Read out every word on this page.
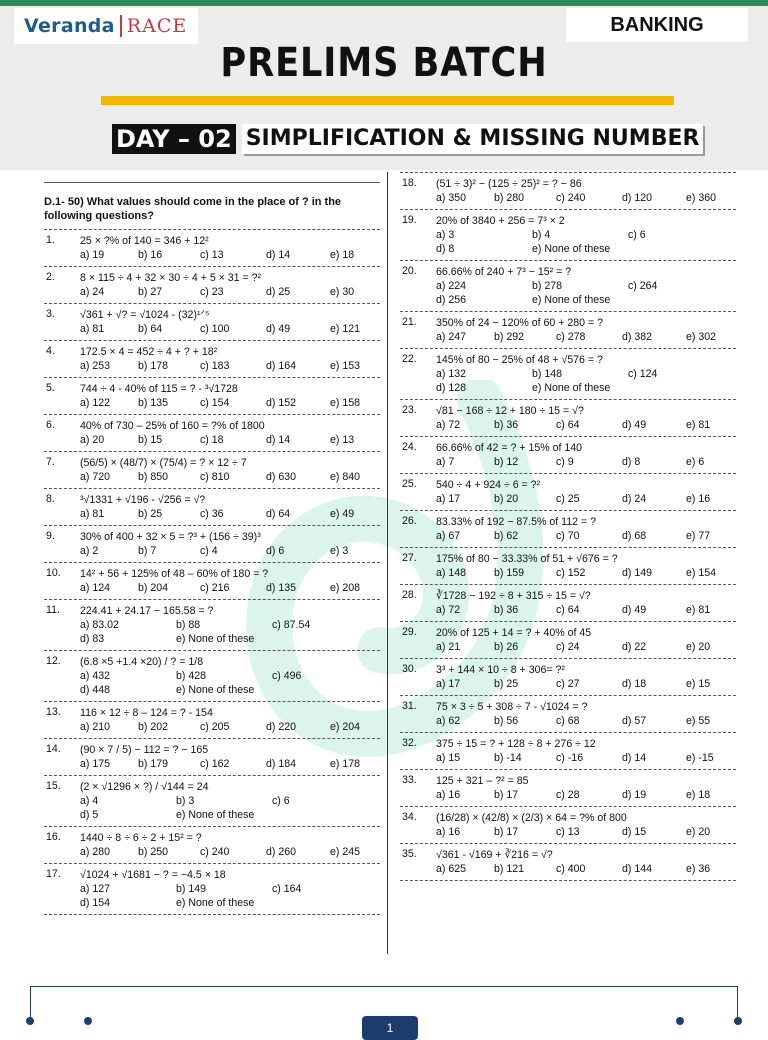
Veranda RACE	BANKING
PRELIMS BATCH
DAY – 02 SIMPLIFICATION & MISSING NUMBER
D.1- 50) What values should come in the place of ? in the following questions?
1. 25 × ?% of 140 = 346 + 12²
a) 19	b) 16	c) 13	d) 14	e) 18
2. 8 × 115 ÷ 4 + 32 × 30 ÷ 4 + 5 × 31 = ?²
a) 24	b) 27	c) 23	d) 25	e) 30
3. √361 + √? = √1024 - (32)¹ᐟ⁵
a) 81	b) 64	c) 100	d) 49	e) 121
4. 172.5 × 4 = 452 ÷ 4 + ? + 18²
a) 253	b) 178	c) 183	d) 164	e) 153
5. 744 ÷ 4 - 40% of 115 = ? - ³√1728
a) 122	b) 135	c) 154	d) 152	e) 158
6. 40% of 730 – 25% of 160 = ?% of 1800
a) 20	b) 15	c) 18	d) 14	e) 13
7. (56/5) × (48/7) × (75/4) = ? × 12 ÷ 7
a) 720	b) 850	c) 810	d) 630	e) 840
8. ³√1331 + √196 - √256 = √?
a) 81	b) 25	c) 36	d) 64	e) 49
9. 30% of 400 + 32 × 5 = ?³ + (156 ÷ 39)³
a) 2	b) 7	c) 4	d) 6	e) 3
10. 14² + 56 + 125% of 48 – 60% of 180 = ?
a) 124	b) 204	c) 216	d) 135	e) 208
11. 224.41 + 24.17 − 165.58 = ?
a) 83.02	b) 88	c) 87.54
d) 83	e) None of these
12. (6.8 ×5 +1.4 ×20) / ? = 1/8
a) 432	b) 428	c) 496
d) 448	e) None of these
13. 116 × 12 ÷ 8 – 124 = ? - 154
a) 210	b) 202	c) 205	d) 220	e) 204
14. (90 × 7 / 5) − 112 = ? − 165
a) 175	b) 179	c) 162	d) 184	e) 178
15. (2 × √1296 × ?) / √144 = 24
a) 4	b) 3	c) 6
d) 5	e) None of these
16. 1440 ÷ 8 ÷ 6 ÷ 2 + 15² = ?
a) 280	b) 250	c) 240	d) 260	e) 245
17. √1024 + √1681 − ? = −4.5 × 18
a) 127	b) 149	c) 164
d) 154	e) None of these
18. (51 ÷ 3)² − (125 ÷ 25)² = ? − 86
a) 350	b) 280	c) 240	d) 120	e) 360
19. 20% of 3840 + 256 = 7³ × 2
a) 3	b) 4	c) 6
d) 8	e) None of these
20. 66.66% of 240 + 7³ − 15² = ?
a) 224	b) 278	c) 264
d) 256	e) None of these
21. 350% of 24 − 120% of 60 + 280 = ?
a) 247	b) 292	c) 278	d) 382	e) 302
22. 145% of 80 − 25% of 48 + √576 = ?
a) 132	b) 148	c) 124
d) 128	e) None of these
23. √81 − 168 ÷ 12 + 180 ÷ 15 = √?
a) 72	b) 36	c) 64	d) 49	e) 81
24. 66.66% of 42 = ? + 15% of 140
a) 7	b) 12	c) 9	d) 8	e) 6
25. 540 ÷ 4 + 924 ÷ 6 = ?²
a) 17	b) 20	c) 25	d) 24	e) 16
26. 83.33% of 192 − 87.5% of 112 = ?
a) 67	b) 62	c) 70	d) 68	e) 77
27. 175% of 80 − 33.33% of 51 + √676 = ?
a) 148	b) 159	c) 152	d) 149	e) 154
28. ∛1728 − 192 ÷ 8 + 315 ÷ 15 = √?
a) 72	b) 36	c) 64	d) 49	e) 81
29. 20% of 125 + 14 = ? + 40% of 45
a) 21	b) 26	c) 24	d) 22	e) 20
30. 3³ + 144 × 10 ÷ 8 + 306= ?²
a) 17	b) 25	c) 27	d) 18	e) 15
31. 75 × 3 ÷ 5 + 308 ÷ 7 - √1024 = ?
a) 62	b) 56	c) 68	d) 57	e) 55
32. 375 ÷ 15 = ? + 128 ÷ 8 + 276 ÷ 12
a) 15	b) -14	c) -16	d) 14	e) -15
33. 125 + 321 – ?² = 85
a) 16	b) 17	c) 28	d) 19	e) 18
34. (16/28) × (42/8) × (2/3) × 64 = ?% of 800
a) 16	b) 17	c) 13	d) 15	e) 20
35. √361 - √169 + ∛216 = √?
a) 625	b) 121	c) 400	d) 144	e) 36
1
